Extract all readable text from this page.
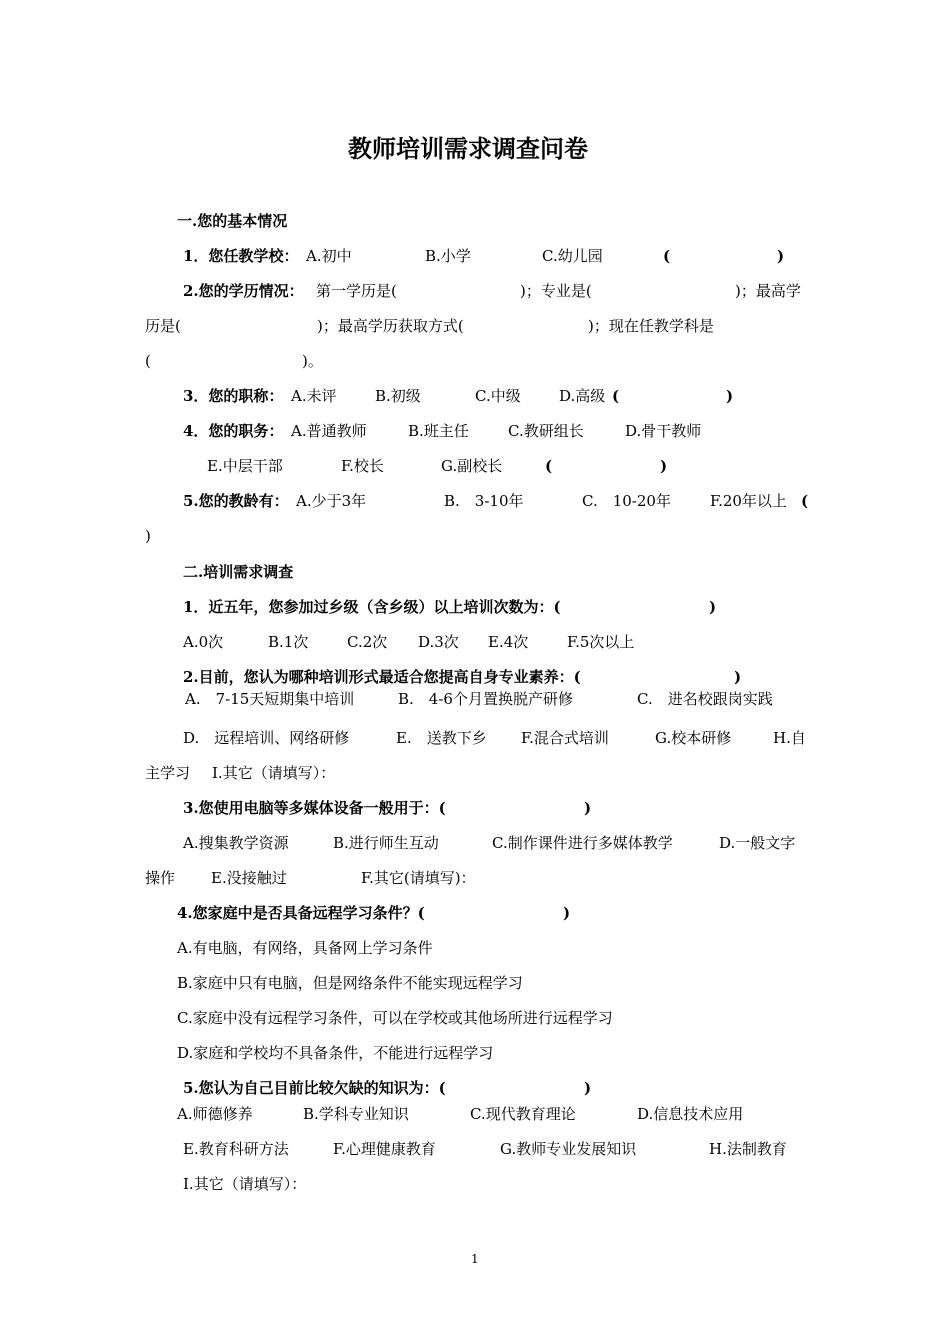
教师培训需求调查问卷
一.您的基本情况
1．您任教学校： A.初中	B.小学	C.幼儿园	(	)
2.您的学历情况： 第一学历是(	)；专业是(	)；最高学
历是(	)；最高学历获取方式(	)；现在任教学科是
(	)。
3．您的职称： A.未评	B.初级	C.中级	D.高级 (	)
4．您的职务： A.普通教师	B.班主任	C.教研组长	D.骨干教师
E.中层干部	F.校长	G.副校长	(	)
5.您的教龄有： A.少于3年	B.　3-10年	C.　10-20年	F.20年以上 (
)
二.培训需求调查
1．近五年，您参加过乡级（含乡级）以上培训次数为：(	)
A.0次	B.1次	C.2次 D.3次 E.4次	F.5次以上
2.目前，您认为哪种培训形式最适合您提高自身专业素养：(	)
A.　7-15天短期集中培训	B.　4-6个月置换脱产研修	C.　进名校跟岗实践
D.　远程培训、网络研修	E.　送教下乡 F.混合式培训	G.校本研修	H.自
主学习 I.其它（请填写）：
3.您使用电脑等多媒体设备一般用于：(	)
A.搜集教学资源	B.进行师生互动	C.制作课件进行多媒体教学	D.一般文字
操作 E.没接触过	F.其它(请填写)：
4.您家庭中是否具备远程学习条件？(	)
A.有电脑，有网络，具备网上学习条件
B.家庭中只有电脑，但是网络条件不能实现远程学习
C.家庭中没有远程学习条件，可以在学校或其他场所进行远程学习
D.家庭和学校均不具备条件，不能进行远程学习
5.您认为自己目前比较欠缺的知识为：(	)
A.师德修养	B.学科专业知识	C.现代教育理论	D.信息技术应用
E.教育科研方法	F.心理健康教育	G.教师专业发展知识	H.法制教育
I.其它（请填写）：
1
